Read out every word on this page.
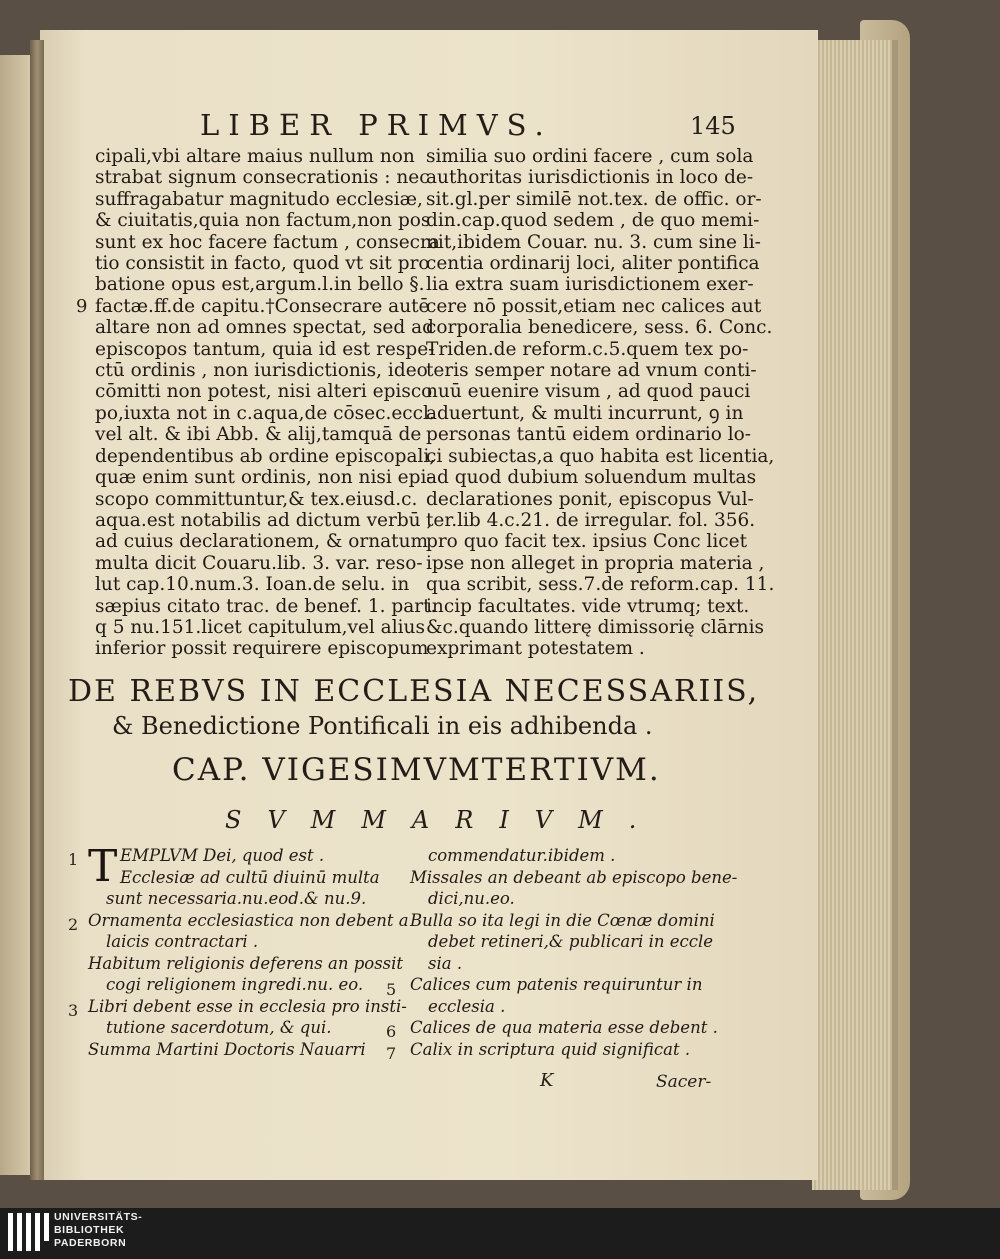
LIBER PRIMVS.	145
cipali,vbi altare maius nullum non
strabat signum consecrationis : nec
suffragabatur magnitudo ecclesiæ,
& ciuitatis,quia non factum,non pos
sunt ex hoc facere factum , consecra
tio consistit in facto, quod vt sit pro
batione opus est,argum.l.in bello §.
factæ.ff.de capitu.†Consecrare autē
altare non ad omnes spectat, sed ad
episcopos tantum, quia id est respe-
ctū ordinis , non iurisdictionis, ideo
cōmitti non potest, nisi alteri episco
po,iuxta not in c.aqua,de cōsec.eccl.
vel alt. & ibi Abb. & alij,tamquā de
dependentibus ab ordine episcopali,
quæ enim sunt ordinis, non nisi epi-
scopo committuntur,& tex.eiusd.c.
aqua.est notabilis ad dictum verbū ,
ad cuius declarationem, & ornatum
multa dicit Couaru.lib. 3. var. reso-
lut cap.10.num.3. Ioan.de selu. in
sæpius citato trac. de benef. 1. part.
q 5 nu.151.licet capitulum,vel alius
inferior possit requirere episcopum
9
similia suo ordini facere , cum sola
authoritas iurisdictionis in loco de-
sit.gl.per similē not.tex. de offic. or-
din.cap.quod sedem , de quo memi-
nit,ibidem Couar. nu. 3. cum sine li-
centia ordinarij loci, aliter pontifica
lia extra suam iurisdictionem exer-
cere nō possit,etiam nec calices aut
corporalia benedicere, sess. 6. Conc.
Triden.de reform.c.5.quem tex po-
teris semper notare ad vnum conti-
nuū euenire visum , ad quod pauci
aduertunt, & multi incurrunt, ꝯ in
personas tantū eidem ordinario lo-
ci subiectas,a quo habita est licentia,
ad quod dubium soluendum multas
declarationes ponit, episcopus Vul-
ter.lib 4.c.21. de irregular. fol. 356.
pro quo facit tex. ipsius Conc licet
ipse non alleget in propria materia ,
qua scribit, sess.7.de reform.cap. 11.
incip facultates. vide vtrumq; text.
&c.quando litterę dimissorię clārnis
exprimant potestatem .
DE REBVS IN ECCLESIA NECESSARIIS,
& Benedictione Pontificali in eis adhibenda .
CAP. VIGESIMVMTERTIVM.
SVMMARIVM.
1
2
3
5
6
7
T EMPLVM Dei, quod est .
Ecclesiæ ad cultū diuinū multa
sunt necessaria.nu.eod.& nu.9.
Ornamenta ecclesiastica non debent a
laicis contractari .
Habitum religionis deferens an possit
cogi religionem ingredi.nu. eo.
Libri debent esse in ecclesia pro insti-
tutione sacerdotum, & qui.
Summa Martini Doctoris Nauarri
commendatur.ibidem .
Missales an debeant ab episcopo bene-
dici,nu.eo.
Bulla so ita legi in die Cœnæ domini
debet retineri,& publicari in eccle
sia .
Calices cum patenis requiruntur in
ecclesia .
Calices de qua materia esse debent .
Calix in scriptura quid significat .
K	Sacer-
UNIVERSITÄTS-
BIBLIOTHEK
PADERBORN
